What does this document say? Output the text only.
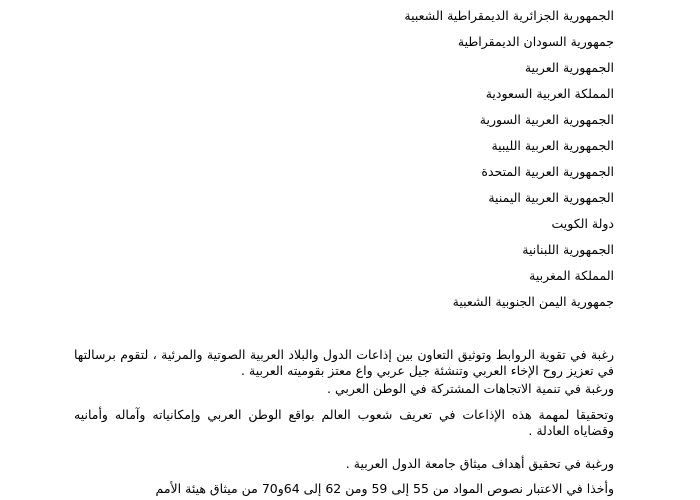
الجمهورية الجزائرية الديمقراطية الشعبية
جمهورية السودان الديمقراطية
الجمهورية العربية
المملكة العربية السعودية
الجمهورية العربية السورية
الجمهورية العربية الليبية
الجمهورية العربية المتحدة
الجمهورية العربية اليمنية
دولة الكويت
الجمهورية اللبنانية
المملكة المغربية
جمهورية اليمن الجنوبية الشعبية
رغبة في تقوية الروابط وتوثيق التعاون بين إذاعات الدول والبلاد العربية الصوتية والمرئية ، لتقوم برسالتها في تعزيز روح الإخاء العربي وتنشئة جيل عربي واع معتز بقوميته العربية .
ورغبة في تنمية الاتجاهات المشتركة في الوطن العربي .
وتحقيقا لمهمة هذه الإذاعات في تعريف شعوب العالم بواقع الوطن العربي وإمكانياته وآماله وأمانيه وقضاياه العادلة .
ورغبة في تحقيق أهداف ميثاق جامعة الدول العربية .
وأخذا في الاعتبار نصوص المواد من 55 إلى 59 ومن 62 إلى 64و70 من ميثاق هيئة الأمم
